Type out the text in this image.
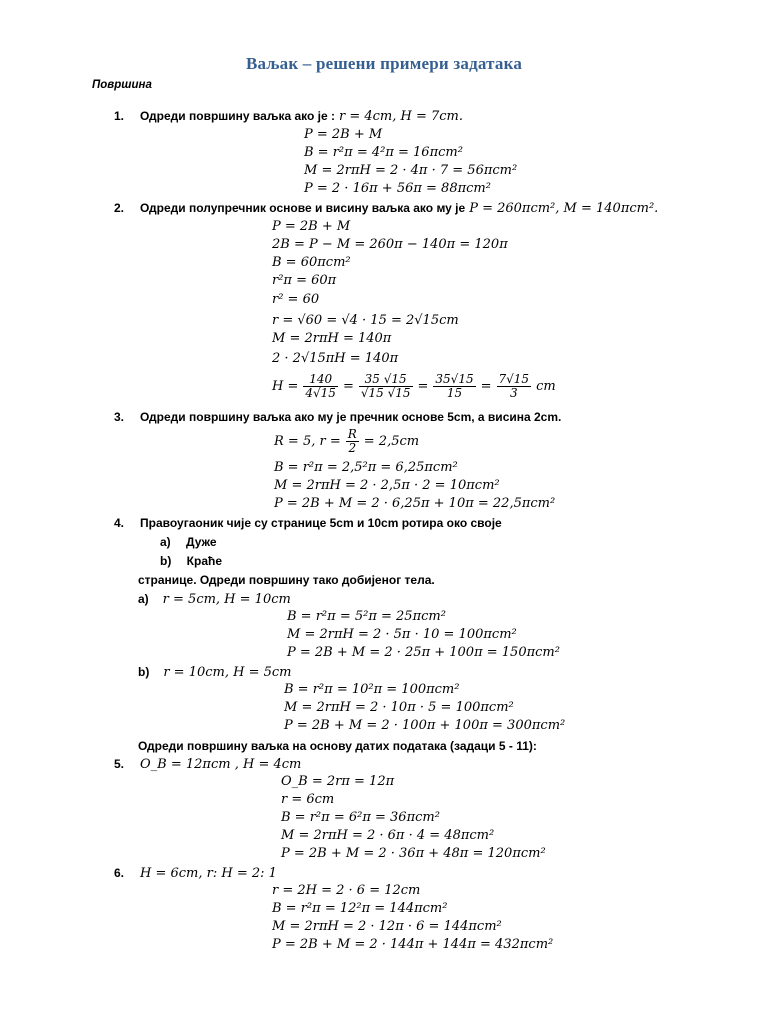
Ваљак – решени примери задатака
Површина
1. Одреди површину ваљка ако је : r = 4cm, H = 7cm.
P = 2B + M
B = r²π = 4²π = 16πcm²
M = 2rπH = 2 · 4π · 7 = 56πcm²
P = 2 · 16π + 56π = 88πcm²
2. Одреди полупречник основе и висину ваљка ако му је P = 260πcm², M = 140πcm².
P = 2B + M
2B = P − M = 260π − 140π = 120π
B = 60πcm²
r²π = 60π
r² = 60
r = √60 = √4 · 15 = 2√15cm
M = 2rπH = 140π
2 · 2√15πH = 140π
$H = \frac{140}{4√15} = \frac{35 √15}{√15 √15} = \frac{35√15}{15} = \frac{7√15}{3}$ cm
3. Одреди површину ваљка ако му је пречник основе 5cm, а висина 2cm.
R = 5, $r = \frac{R}{2} = 2,5cm$
B = r²π = 2,5²π = 6,25πcm²
M = 2rπH = 2 · 2,5π · 2 = 10πcm²
P = 2B + M = 2 · 6,25π + 10π = 22,5πcm²
4. Правоугаоник чије су странице 5cm и 10cm ротира око своје
a) Дуже
b) Краће
странице. Одреди површину тако добијеног тела.
a) r = 5cm, H = 10cm
B = r²π = 5²π = 25πcm²
M = 2rπH = 2 · 5π · 10 = 100πcm²
P = 2B + M = 2 · 25π + 100π = 150πcm²
b) r = 10cm, H = 5cm
B = r²π = 10²π = 100πcm²
M = 2rπH = 2 · 10π · 5 = 100πcm²
P = 2B + M = 2 · 100π + 100π = 300πcm²
Одреди површину ваљка на основу датих података (задаци 5 - 11):
5. O_B = 12πcm , H = 4cm
O_B = 2rπ = 12π
r = 6cm
B = r²π = 6²π = 36πcm²
M = 2rπH = 2 · 6π · 4 = 48πcm²
P = 2B + M = 2 · 36π + 48π = 120πcm²
6. H = 6cm, r: H = 2: 1
r = 2H = 2 · 6 = 12cm
B = r²π = 12²π = 144πcm²
M = 2rπH = 2 · 12π · 6 = 144πcm²
P = 2B + M = 2 · 144π + 144π = 432πcm²
